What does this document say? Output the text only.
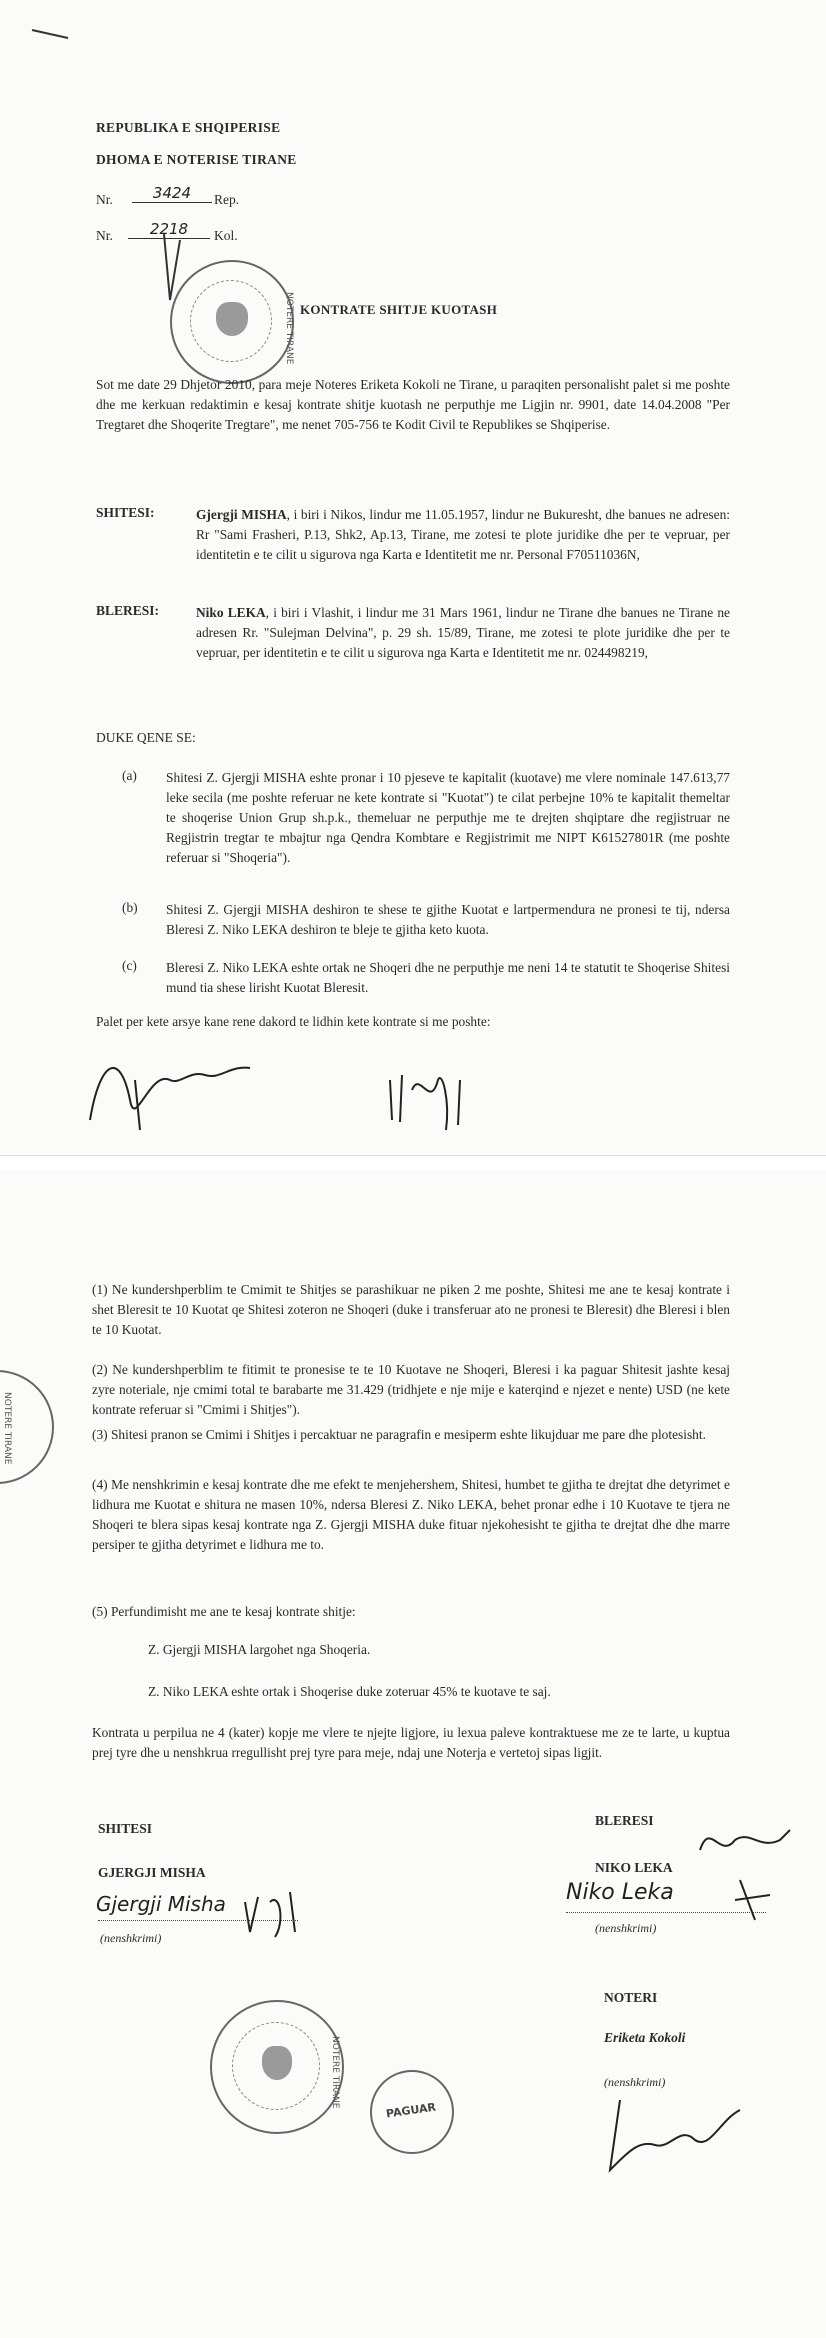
REPUBLIKA E SHQIPERISE
DHOMA E NOTERISE TIRANE
Nr.	3424	Rep.
Nr.	2218	Kol.
NOTERE TIRANE KONTRATE SHITJE KUOTASH
Sot me date 29 Dhjetor 2010, para meje Noteres Eriketa Kokoli ne Tirane, u paraqiten personalisht palet si me poshte dhe me kerkuan redaktimin e kesaj kontrate shitje kuotash ne perputhje me Ligjin nr. 9901, date 14.04.2008 "Per Tregtaret dhe Shoqerite Tregtare", me nenet 705-756 te Kodit Civil te Republikes se Shqiperise.
SHITESI:	Gjergji MISHA, i biri i Nikos, lindur me 11.05.1957, lindur ne Bukuresht, dhe banues ne adresen: Rr "Sami Frasheri, P.13, Shk2, Ap.13, Tirane, me zotesi te plote juridike dhe per te vepruar, per identitetin e te cilit u sigurova nga Karta e Identitetit me nr. Personal F70511036N,
BLERESI:	Niko LEKA, i biri i Vlashit, i lindur me 31 Mars 1961, lindur ne Tirane dhe banues ne Tirane ne adresen Rr. "Sulejman Delvina", p. 29 sh. 15/89, Tirane, me zotesi te plote juridike dhe per te vepruar, per identitetin e te cilit u sigurova nga Karta e Identitetit me nr. 024498219,
DUKE QENE SE:
(a) Shitesi Z. Gjergji MISHA eshte pronar i 10 pjeseve te kapitalit (kuotave) me vlere nominale 147.613,77 leke secila (me poshte referuar ne kete kontrate si "Kuotat") te cilat perbejne 10% te kapitalit themeltar te shoqerise Union Grup sh.p.k., themeluar ne perputhje me te drejten shqiptare dhe regjistruar ne Regjistrin tregtar te mbajtur nga Qendra Kombtare e Regjistrimit me NIPT K61527801R (me poshte referuar si "Shoqeria").
(b) Shitesi Z. Gjergji MISHA deshiron te shese te gjithe Kuotat e lartpermendura ne pronesi te tij, ndersa Bleresi Z. Niko LEKA deshiron te bleje te gjitha keto kuota.
(c) Bleresi Z. Niko LEKA eshte ortak ne Shoqeri dhe ne perputhje me neni 14 te statutit te Shoqerise Shitesi mund tia shese lirisht Kuotat Bleresit.
Palet per kete arsye kane rene dakord te lidhin kete kontrate si me poshte:
NOTERE TIRANE
(1) Ne kundershperblim te Cmimit te Shitjes se parashikuar ne piken 2 me poshte, Shitesi me ane te kesaj kontrate i shet Bleresit te 10 Kuotat qe Shitesi zoteron ne Shoqeri (duke i transferuar ato ne pronesi te Bleresit) dhe Bleresi i blen te 10 Kuotat.
(2) Ne kundershperblim te fitimit te pronesise te te 10 Kuotave ne Shoqeri, Bleresi i ka paguar Shitesit jashte kesaj zyre noteriale, nje cmimi total te barabarte me 31.429 (tridhjete e nje mije e katerqind e njezet e nente) USD (ne kete kontrate referuar si "Cmimi i Shitjes").
(3) Shitesi pranon se Cmimi i Shitjes i percaktuar ne paragrafin e mesiperm eshte likujduar me pare dhe plotesisht.
(4) Me nenshkrimin e kesaj kontrate dhe me efekt te menjehershem, Shitesi, humbet te gjitha te drejtat dhe detyrimet e lidhura me Kuotat e shitura ne masen 10%, ndersa Bleresi Z. Niko LEKA, behet pronar edhe i 10 Kuotave te tjera ne Shoqeri te blera sipas kesaj kontrate nga Z. Gjergji MISHA duke fituar njekohesisht te gjitha te drejtat dhe dhe marre persiper te gjitha detyrimet e lidhura me to.
(5) Perfundimisht me ane te kesaj kontrate shitje:
Z. Gjergji MISHA largohet nga Shoqeria.
Z. Niko LEKA eshte ortak i Shoqerise duke zoteruar 45% te kuotave te saj.
Kontrata u perpilua ne 4 (kater) kopje me vlere te njejte ligjore, iu lexua paleve kontraktuese me ze te larte, u kuptua prej tyre dhe u nenshkrua rregullisht prej tyre para meje, ndaj une Noterja e vertetoj sipas ligjit.
SHITESI
GJERGJI MISHA
Gjergji Misha
(nenshkrimi)
BLERESI
NIKO LEKA
Niko Leka
(nenshkrimi)
NOTERE TIRANE
PAGUAR
NOTERI
Eriketa Kokoli
(nenshkrimi)
